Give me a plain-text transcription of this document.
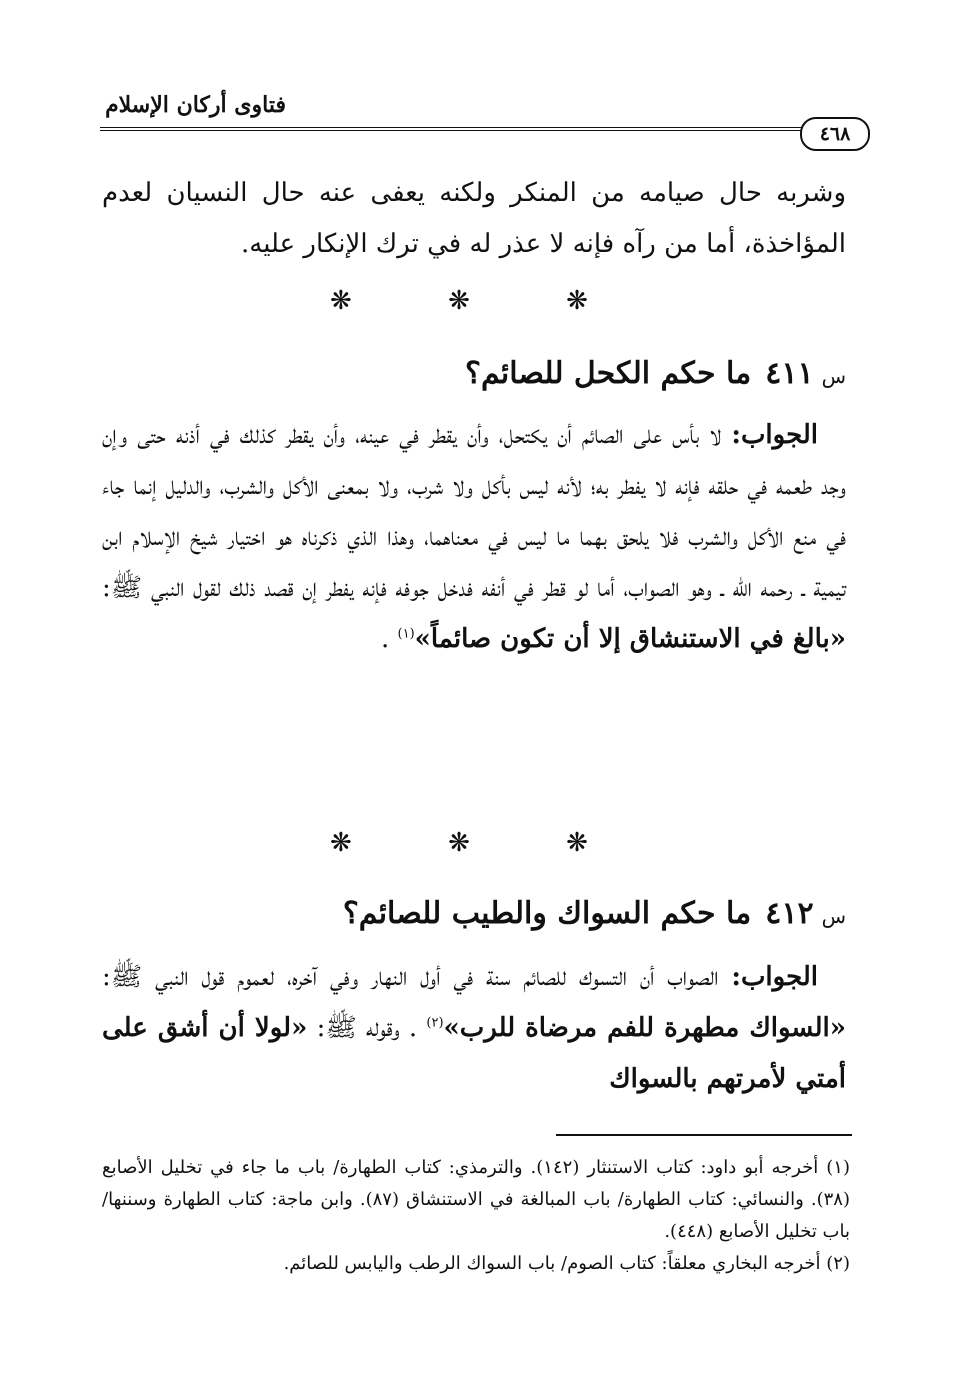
فتاوى أركان الإسلام
٤٦٨

وشربه حال صيامه من المنكر ولكنه يعفى عنه حال النسيان لعدم المؤاخذة، أما من رآه فإنه لا عذر له في ترك الإنكار عليه.

❋ ❋ ❋
س٤١١ما حكم الكحل للصائم؟

الجواب: لا بأس على الصائم أن يكتحل، وأن يقطر في عينه، وأن يقطر كذلك في أذنه حتى وإن وجد طعمه في حلقه فإنه لا يفطر به؛ لأنه ليس بأكل ولا شرب، ولا بمعنى الأكل والشرب، والدليل إنما جاء في منع الأكل والشرب فلا يلحق بهما ما ليس في معناهما، وهذا الذي ذكرناه هو اختيار شيخ الإسلام ابن تيمية ـ رحمه الله ـ وهو الصواب، أما لو قطر في أنفه فدخل جوفه فإنه يفطر إن قصد ذلك لقول النبي ﷺ: «بالغ في الاستنشاق إلا أن تكون صائماً»$^{(١)}$ .

❋ ❋ ❋
س٤١٢ما حكم السواك والطيب للصائم؟

الجواب: الصواب أن التسوك للصائم سنة في أول النهار وفي آخره، لعموم قول النبي ﷺ: «السواك مطهرة للفم مرضاة للرب»$^{(٢)}$ . وقوله ﷺ: «لولا أن أشق على أمتي لأمرتهم بالسواك

(١) أخرجه أبو داود: كتاب الاستنثار (١٤٢). والترمذي: كتاب الطهارة/ باب ما جاء في تخليل الأصابع (٣٨). والنسائي: كتاب الطهارة/ باب المبالغة في الاستنشاق (٨٧). وابن ماجة: كتاب الطهارة وسننها/ باب تخليل الأصابع (٤٤٨).

(٢) أخرجه البخاري معلقاً: كتاب الصوم/ باب السواك الرطب واليابس للصائم.
